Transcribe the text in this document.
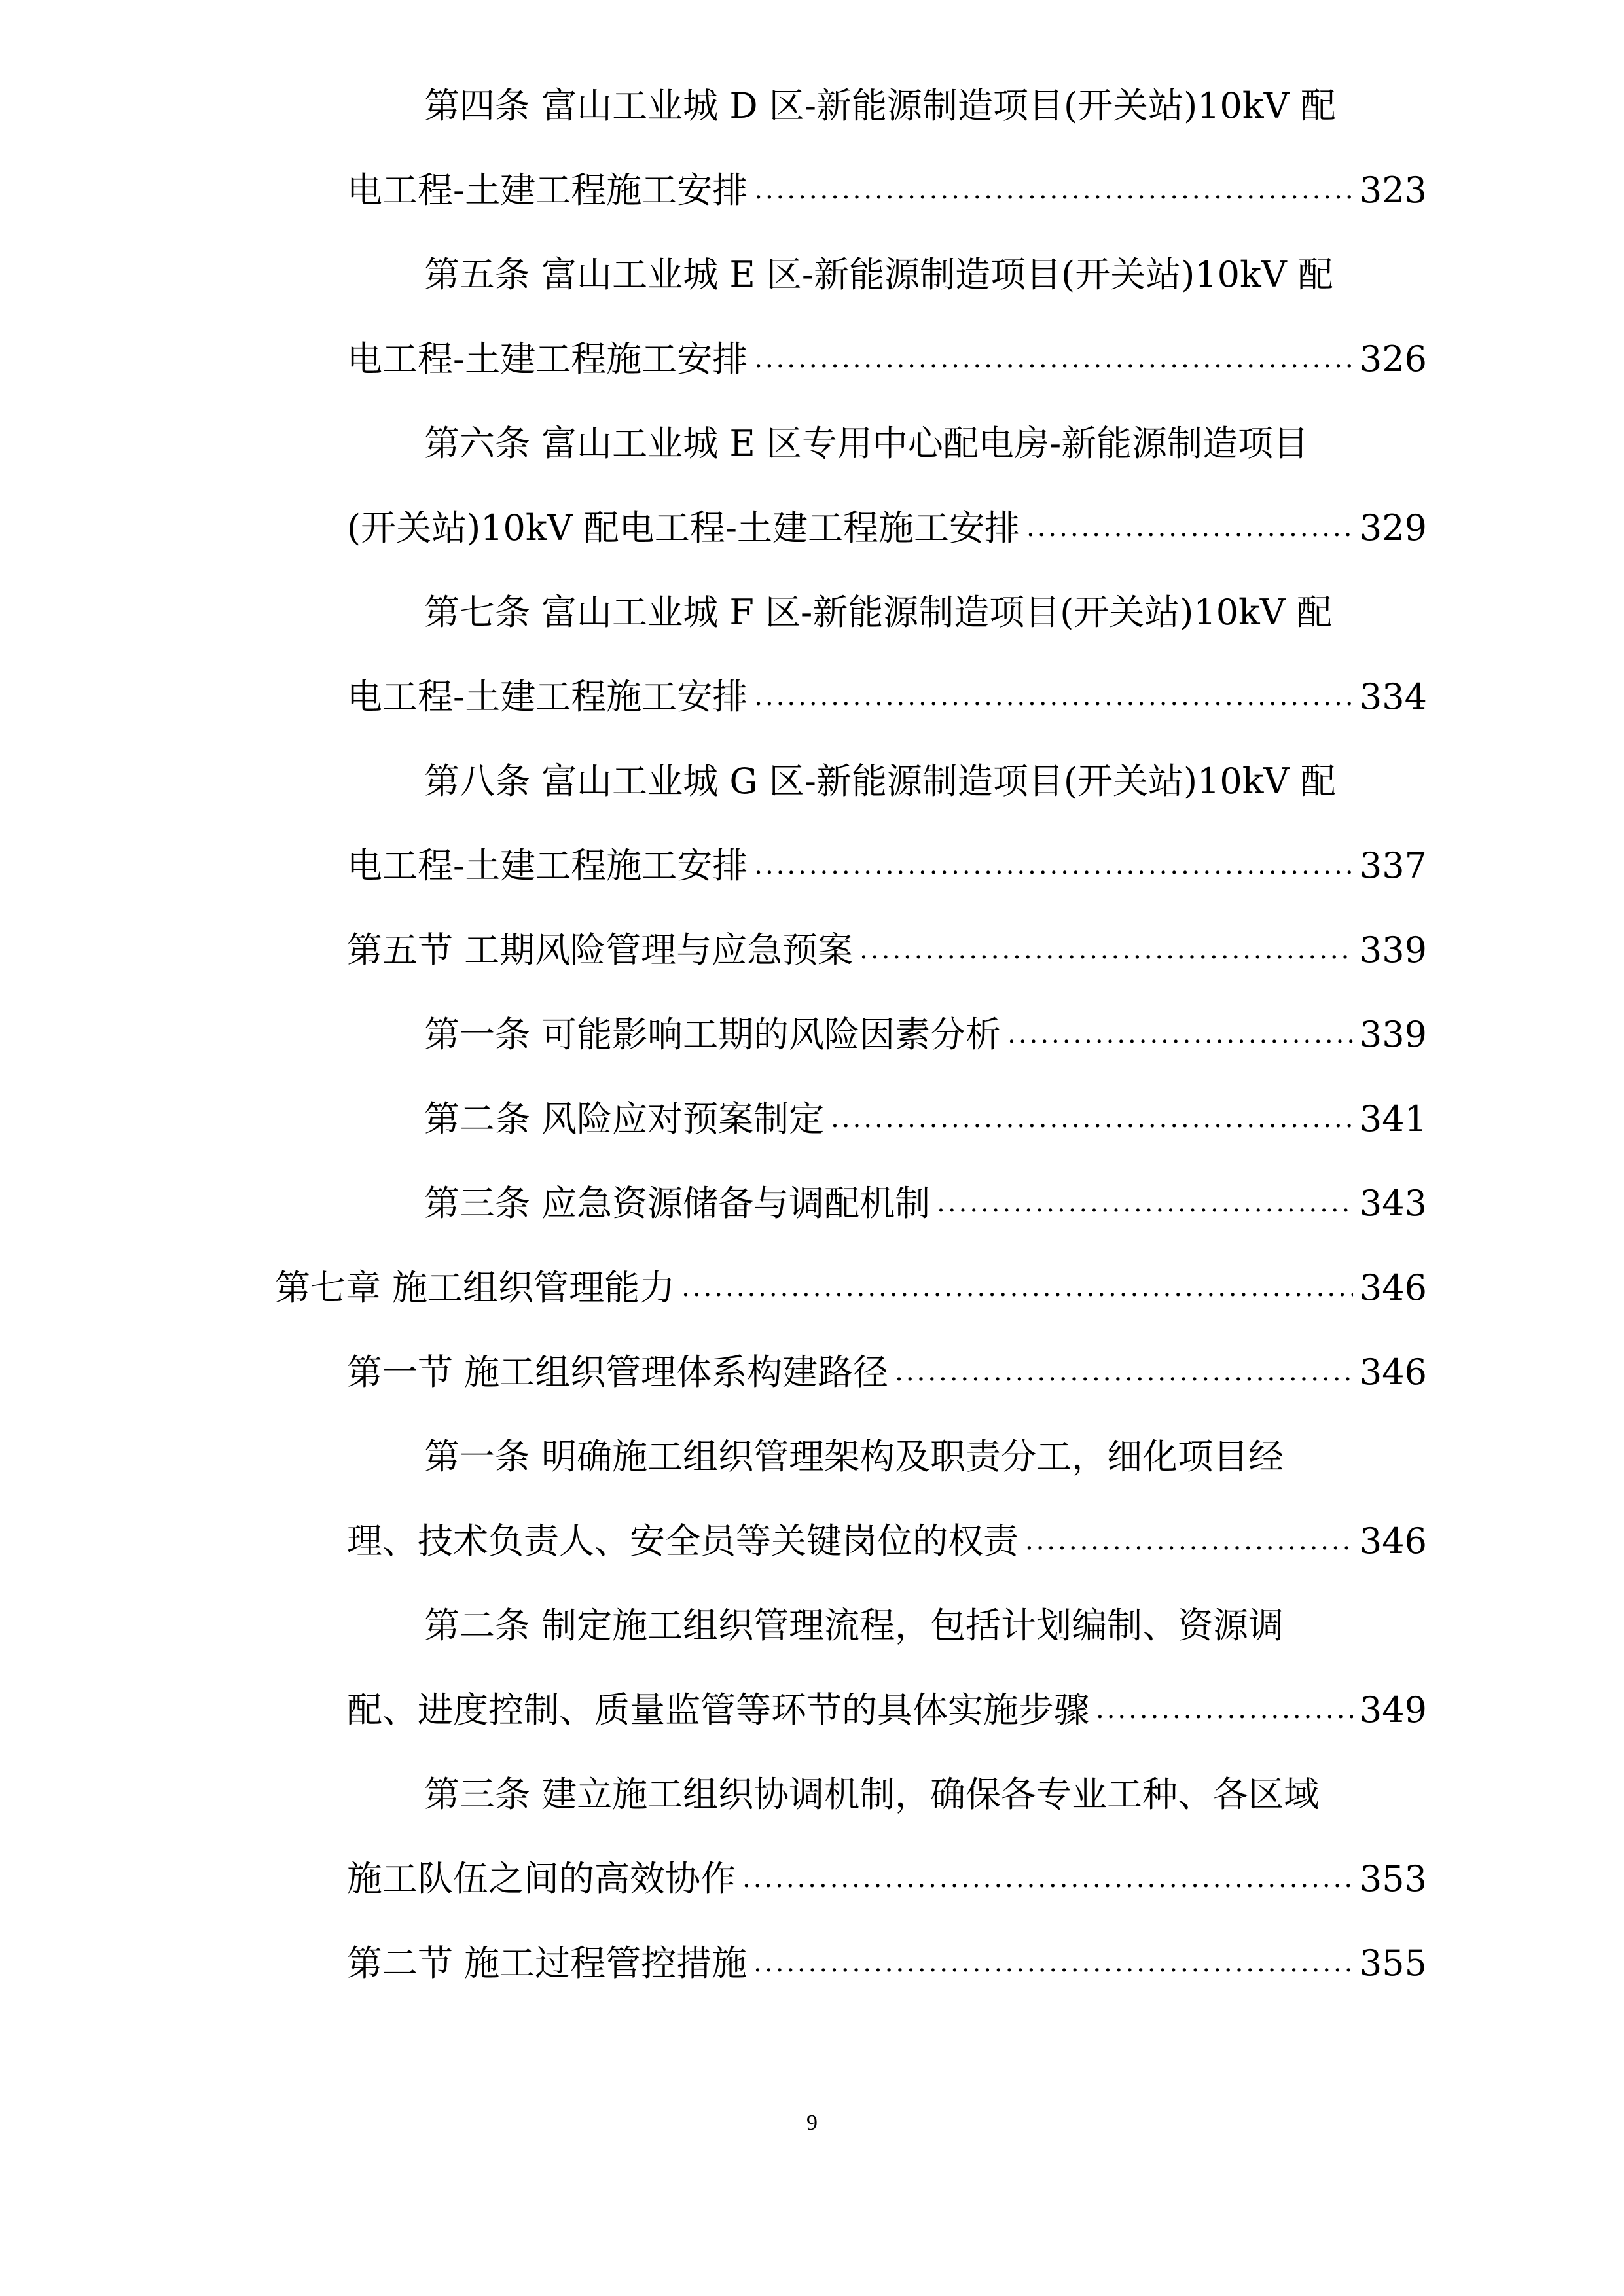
第四条 富山工业城 D 区-新能源制造项目(开关站)10kV 配
电工程-土建工程施工安排 .....	323
第五条 富山工业城 E 区-新能源制造项目(开关站)10kV 配
电工程-土建工程施工安排 .....	326
第六条 富山工业城 E 区专用中心配电房-新能源制造项目
(开关站)10kV 配电工程-土建工程施工安排 .....	329
第七条 富山工业城 F 区-新能源制造项目(开关站)10kV 配
电工程-土建工程施工安排 .....	334
第八条 富山工业城 G 区-新能源制造项目(开关站)10kV 配
电工程-土建工程施工安排 .....	337
第五节 工期风险管理与应急预案 .....	339
第一条 可能影响工期的风险因素分析 .....	339
第二条 风险应对预案制定 .....	341
第三条 应急资源储备与调配机制 .....	343
第七章 施工组织管理能力 .....	346
第一节 施工组织管理体系构建路径 .....	346
第一条 明确施工组织管理架构及职责分工，细化项目经
理、技术负责人、安全员等关键岗位的权责 .....	346
第二条 制定施工组织管理流程，包括计划编制、资源调
配、进度控制、质量监管等环节的具体实施步骤 .....	349
第三条 建立施工组织协调机制，确保各专业工种、各区域
施工队伍之间的高效协作 .....	353
第二节 施工过程管控措施 .....	355
9
